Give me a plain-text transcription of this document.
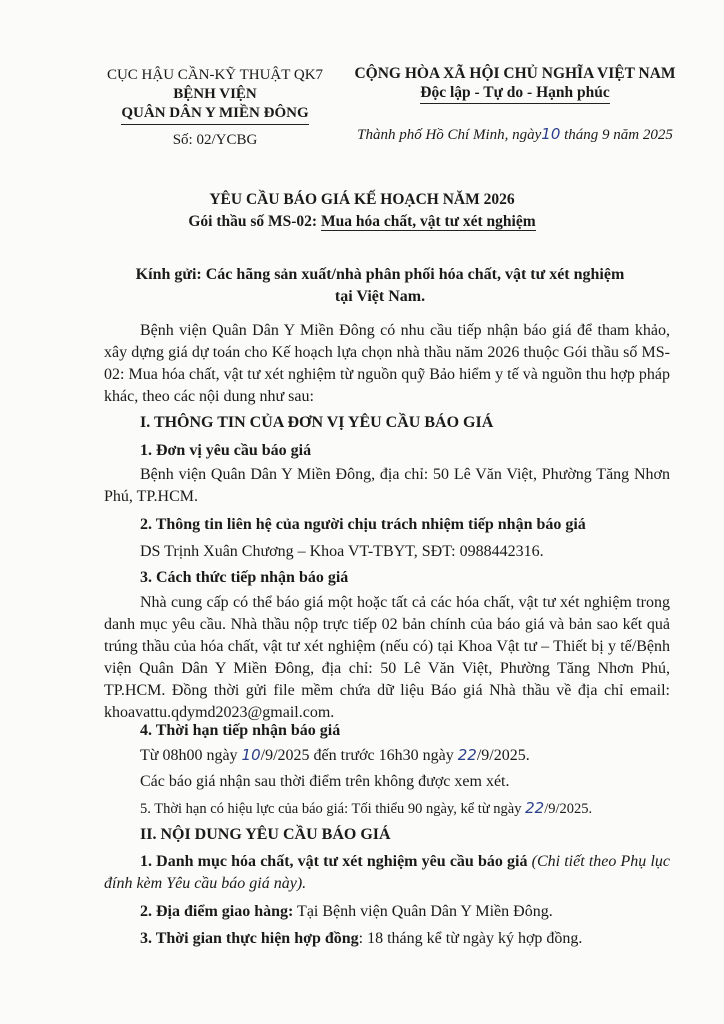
CỤC HẬU CẦN-KỸ THUẬT QK7
BỆNH VIỆN
QUÂN DÂN Y MIỀN ĐÔNG
Số: 02/YCBG
CỘNG HÒA XÃ HỘI CHỦ NGHĨA VIỆT NAM
Độc lập - Tự do - Hạnh phúc
Thành phố Hồ Chí Minh, ngày10 tháng 9 năm 2025
YÊU CẦU BÁO GIÁ KẾ HOẠCH NĂM 2026
Gói thầu số MS-02: Mua hóa chất, vật tư xét nghiệm
Kính gửi: Các hãng sản xuất/nhà phân phối hóa chất, vật tư xét nghiệm
tại Việt Nam.

Bệnh viện Quân Dân Y Miền Đông có nhu cầu tiếp nhận báo giá để tham khảo, xây dựng giá dự toán cho Kế hoạch lựa chọn nhà thầu năm 2026 thuộc Gói thầu số MS-02: Mua hóa chất, vật tư xét nghiệm từ nguồn quỹ Bảo hiểm y tế và nguồn thu hợp pháp khác, theo các nội dung như sau:

I. THÔNG TIN CỦA ĐƠN VỊ YÊU CẦU BÁO GIÁ

1. Đơn vị yêu cầu báo giá

Bệnh viện Quân Dân Y Miền Đông, địa chỉ: 50 Lê Văn Việt, Phường Tăng Nhơn Phú, TP.HCM.

2. Thông tin liên hệ của người chịu trách nhiệm tiếp nhận báo giá

DS Trịnh Xuân Chương – Khoa VT-TBYT, SĐT: 0988442316.

3. Cách thức tiếp nhận báo giá

Nhà cung cấp có thể báo giá một hoặc tất cả các hóa chất, vật tư xét nghiệm trong danh mục yêu cầu. Nhà thầu nộp trực tiếp 02 bản chính của báo giá và bản sao kết quả trúng thầu của hóa chất, vật tư xét nghiệm (nếu có) tại Khoa Vật tư – Thiết bị y tế/Bệnh viện Quân Dân Y Miền Đông, địa chỉ: 50 Lê Văn Việt, Phường Tăng Nhơn Phú, TP.HCM. Đồng thời gửi file mềm chứa dữ liệu Báo giá Nhà thầu về địa chỉ email: khoavattu.qdymd2023@gmail.com.

4. Thời hạn tiếp nhận báo giá

Từ 08h00 ngày 10/9/2025 đến trước 16h30 ngày 22/9/2025.

Các báo giá nhận sau thời điểm trên không được xem xét.

5. Thời hạn có hiệu lực của báo giá: Tối thiểu 90 ngày, kể từ ngày 22/9/2025.

II. NỘI DUNG YÊU CẦU BÁO GIÁ

1. Danh mục hóa chất, vật tư xét nghiệm yêu cầu báo giá (Chi tiết theo Phụ lục đính kèm Yêu cầu báo giá này).

2. Địa điểm giao hàng: Tại Bệnh viện Quân Dân Y Miền Đông.

3. Thời gian thực hiện hợp đồng: 18 tháng kể từ ngày ký hợp đồng.
